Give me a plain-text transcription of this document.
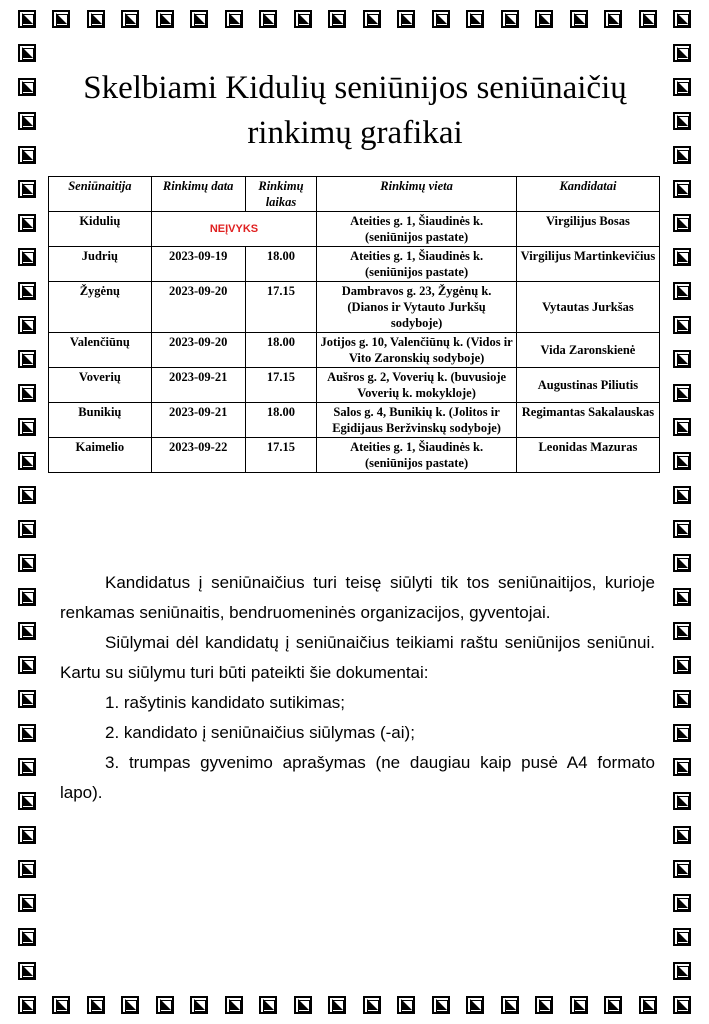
Skelbiami Kidulių seniūnijos seniūnaičių rinkimų grafikai
Seniūnaitija	Rinkimų data	Rinkimų laikas	Rinkimų vieta	Kandidatai
Kidulių	NEĮVYKS		Ateities g. 1, Šiaudinės k. (seniūnijos pastate)	Virgilijus Bosas
Judrių	2023-09-19	18.00	Ateities g. 1, Šiaudinės k. (seniūnijos pastate)	Virgilijus Martinkevičius
Žygėnų	2023-09-20	17.15	Dambravos g. 23, Žygėnų k. (Dianos ir Vytauto Jurkšų sodyboje)	Vytautas Jurkšas
Valenčiūnų	2023-09-20	18.00	Jotijos g. 10, Valenčiūnų k. (Vidos ir Vito Zaronskių sodyboje)	Vida Zaronskienė
Voverių	2023-09-21	17.15	Aušros g. 2, Voverių k. (buvusioje Voverių k. mokykloje)	Augustinas Piliutis
Bunikių	2023-09-21	18.00	Salos g. 4, Bunikių k. (Jolitos ir Egidijaus Beržvinskų sodyboje)	Regimantas Sakalauskas
Kaimelio	2023-09-22	17.15	Ateities g. 1, Šiaudinės k. (seniūnijos pastate)	Leonidas Mazuras

Kandidatus į seniūnaičius turi teisę siūlyti tik tos seniūnaitijos, kurioje renkamas seniūnaitis, bendruomeninės organizacijos, gyventojai.

Siūlymai dėl kandidatų į seniūnaičius teikiami raštu seniūnijos seniūnui. Kartu su siūlymu turi būti pateikti šie dokumentai:

1. rašytinis kandidato sutikimas;

2. kandidato į seniūnaičius siūlymas (-ai);

3. trumpas gyvenimo aprašymas (ne daugiau kaip pusė A4 formato lapo).
